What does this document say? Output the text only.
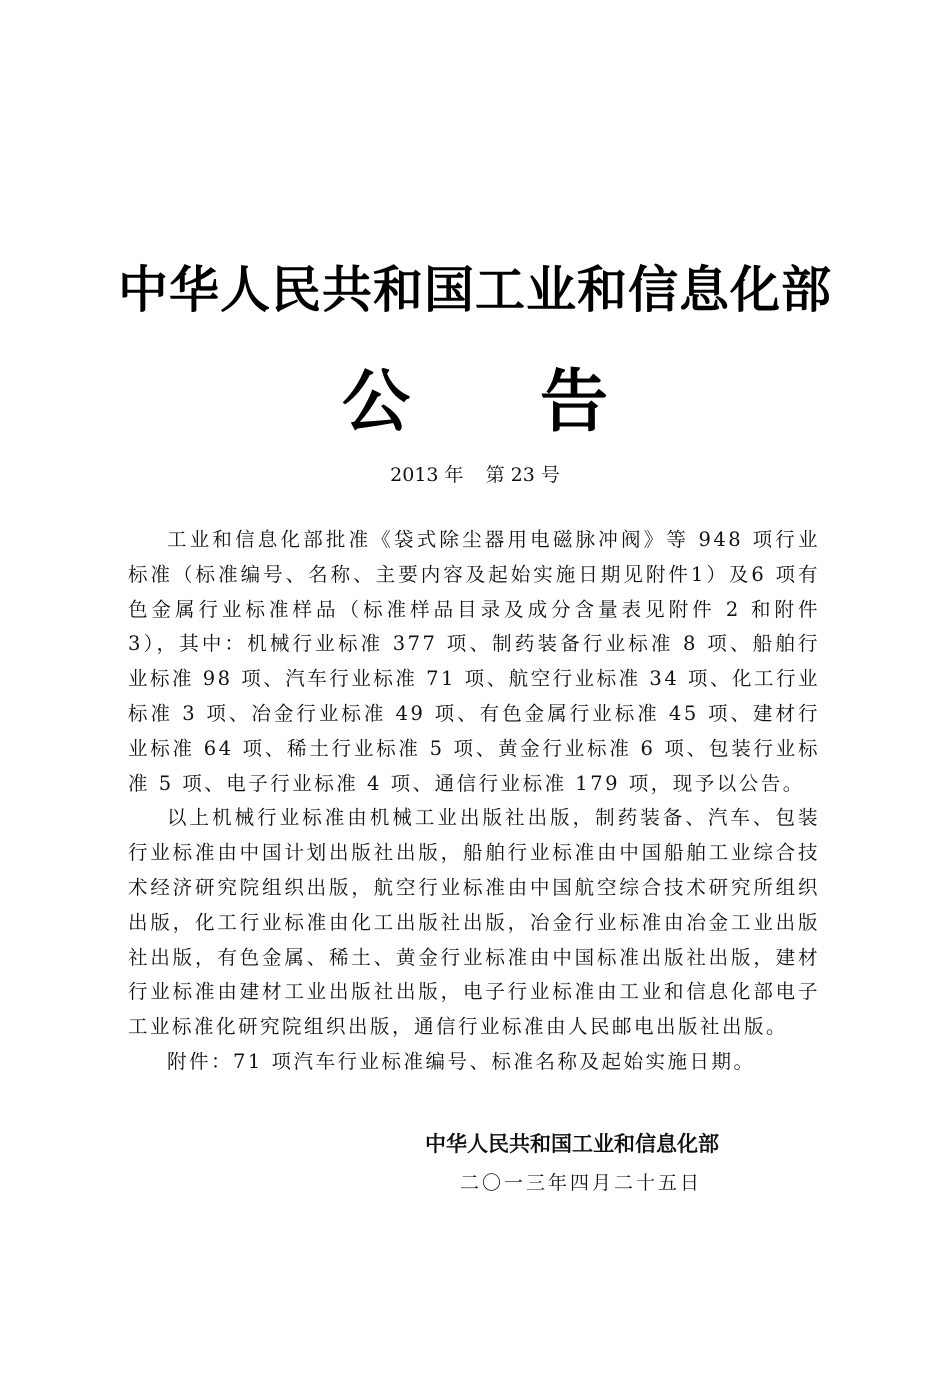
中华人民共和国工业和信息化部
公 告
2013 年 第 23 号

工业和信息化部批准《袋式除尘器用电磁脉冲阀》等 948 项行业标准（标准编号、名称、主要内容及起始实施日期见附件1）及6 项有色金属行业标准样品（标准样品目录及成分含量表见附件 2 和附件 3），其中：机械行业标准 377 项、制药装备行业标准 8 项、船舶行业标准 98 项、汽车行业标准 71 项、航空行业标准 34 项、化工行业标准 3 项、冶金行业标准 49 项、有色金属行业标准 45 项、建材行业标准 64 项、稀土行业标准 5 项、黄金行业标准 6 项、包装行业标准 5 项、电子行业标准 4 项、通信行业标准 179 项，现予以公告。

以上机械行业标准由机械工业出版社出版，制药装备、汽车、包装行业标准由中国计划出版社出版，船舶行业标准由中国船舶工业综合技术经济研究院组织出版，航空行业标准由中国航空综合技术研究所组织出版，化工行业标准由化工出版社出版，冶金行业标准由冶金工业出版社出版，有色金属、稀土、黄金行业标准由中国标准出版社出版，建材行业标准由建材工业出版社出版，电子行业标准由工业和信息化部电子工业标准化研究院组织出版，通信行业标准由人民邮电出版社出版。

附件：71 项汽车行业标准编号、标准名称及起始实施日期。

中华人民共和国工业和信息化部
二〇一三年四月二十五日
